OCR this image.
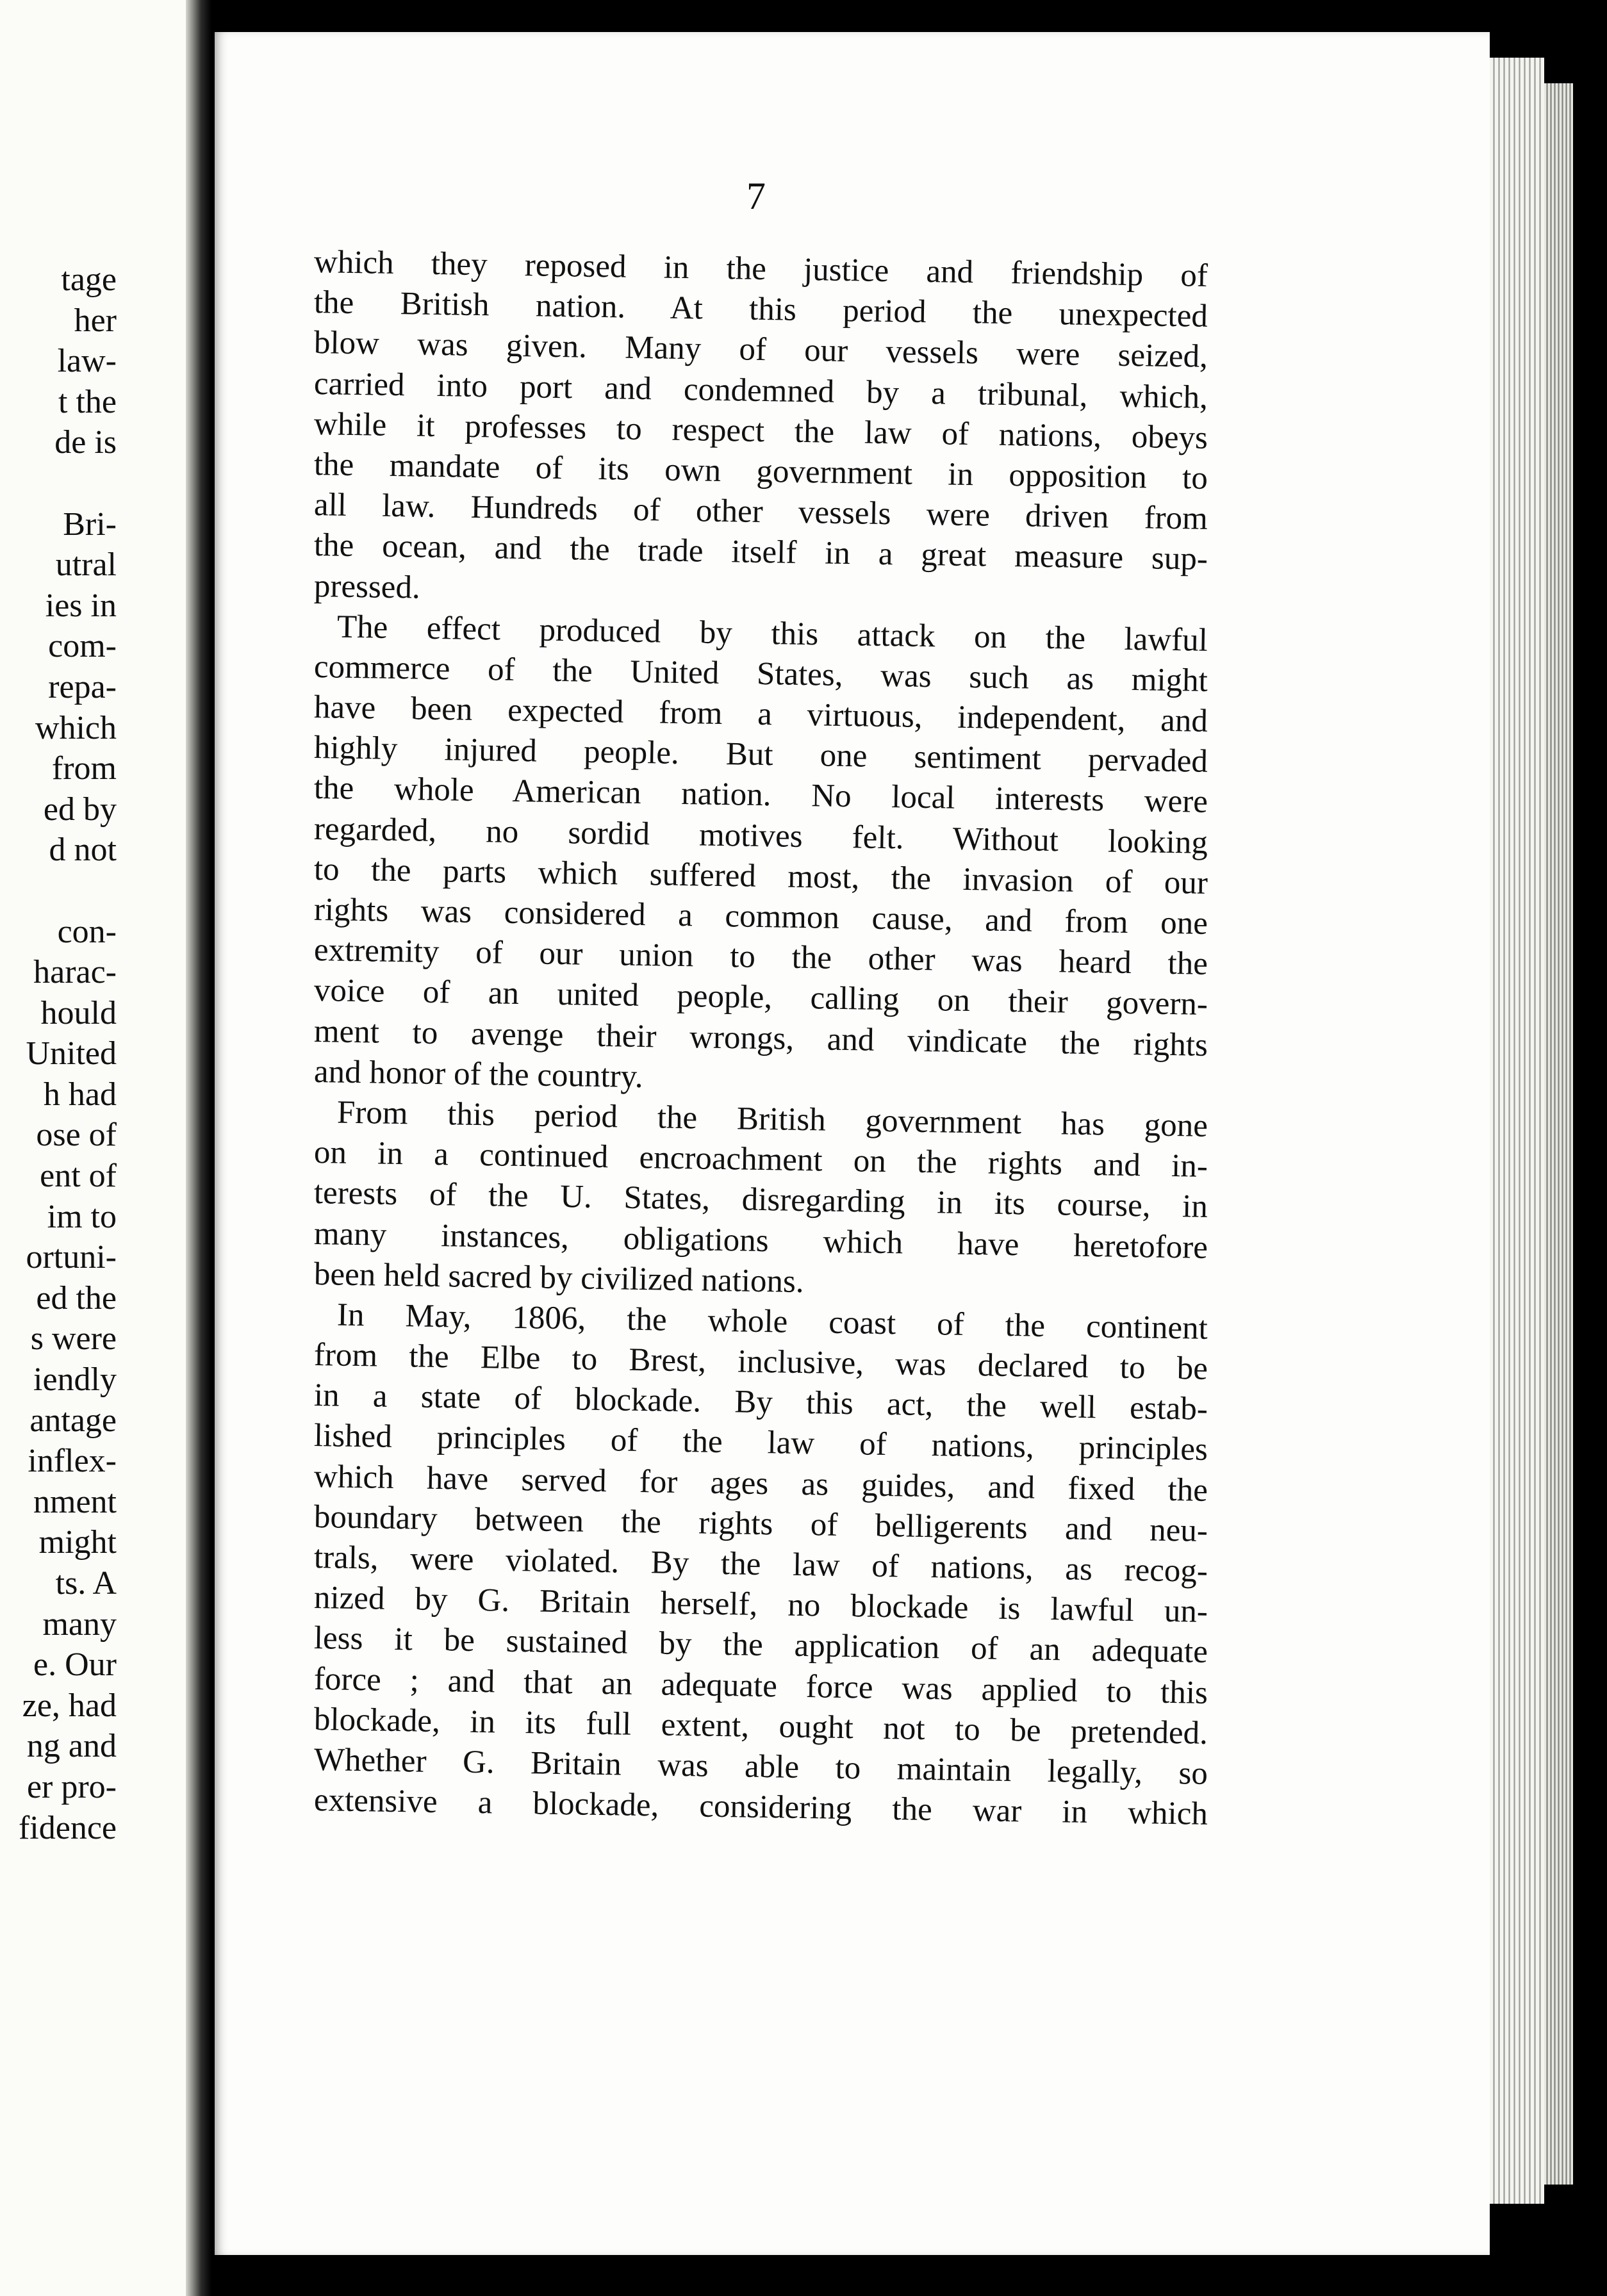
tage
her
law-
t the
de is
Bri-
utral
ies in
com-
repa-
which
from
ed by
d not
con-
harac-
hould
United
h had
ose of
ent of
im to
ortuni-
ed the
s were
iendly
antage
inflex-
nment
might
ts. A
many
e. Our
ze, had
ng and
er pro-
fidence
7
which they reposed in the justice and friendship of
the British nation. At this period the unexpected
blow was given. Many of our vessels were seized,
carried into port and condemned by a tribunal, which,
while it professes to respect the law of nations, obeys
the mandate of its own government in opposition to
all law. Hundreds of other vessels were driven from
the ocean, and the trade itself in a great measure sup-
pressed.
The effect produced by this attack on the lawful
commerce of the United States, was such as might
have been expected from a virtuous, independent, and
highly injured people. But one sentiment pervaded
the whole American nation. No local interests were
regarded, no sordid motives felt. Without looking
to the parts which suffered most, the invasion of our
rights was considered a common cause, and from one
extremity of our union to the other was heard the
voice of an united people, calling on their govern-
ment to avenge their wrongs, and vindicate the rights
and honor of the country.
From this period the British government has gone
on in a continued encroachment on the rights and in-
terests of the U. States, disregarding in its course, in
many instances, obligations which have heretofore
been held sacred by civilized nations.
In May, 1806, the whole coast of the continent
from the Elbe to Brest, inclusive, was declared to be
in a state of blockade. By this act, the well estab-
lished principles of the law of nations, principles
which have served for ages as guides, and fixed the
boundary between the rights of belligerents and neu-
trals, were violated. By the law of nations, as recog-
nized by G. Britain herself, no blockade is lawful un-
less it be sustained by the application of an adequate
force ; and that an adequate force was applied to this
blockade, in its full extent, ought not to be pretended.
Whether G. Britain was able to maintain legally, so
extensive a blockade, considering the war in which
